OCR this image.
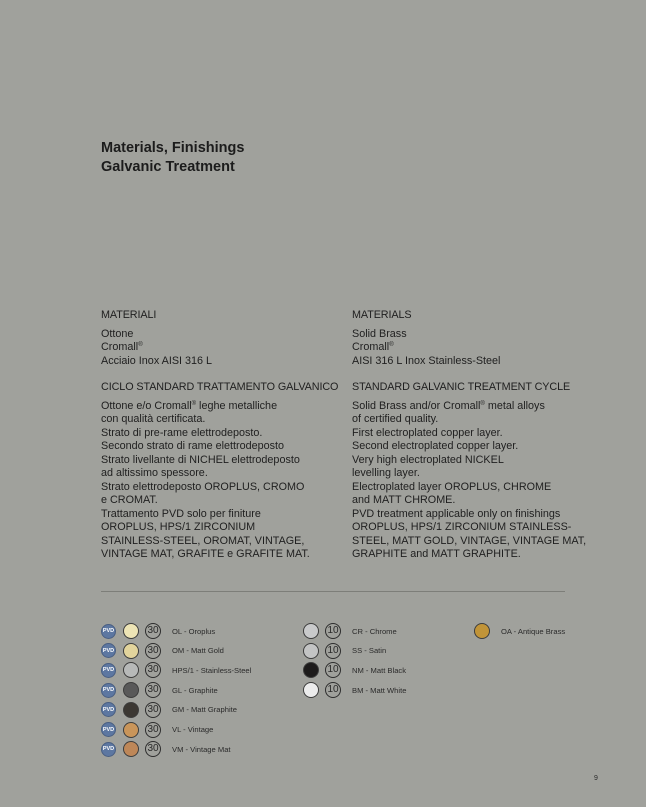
Materials, Finishings
Galvanic Treatment
MATERIALI
Ottone
Cromall®
Acciaio Inox AISI 316 L
CICLO STANDARD TRATTAMENTO GALVANICO
Ottone e/o Cromall® leghe metalliche
con qualità certificata.
Strato di pre-rame elettrodeposto.
Secondo strato di rame elettrodeposto
Strato livellante di NICHEL elettrodeposto
ad altissimo spessore.
Strato elettrodeposto OROPLUS, CROMO
e CROMAT.
Trattamento PVD solo per finiture
OROPLUS, HPS/1 ZIRCONIUM
STAINLESS-STEEL, OROMAT, VINTAGE,
VINTAGE MAT, GRAFITE e GRAFITE MAT.
MATERIALS
Solid Brass
Cromall®
AISI 316 L Inox Stainless-Steel
STANDARD GALVANIC TREATMENT CYCLE
Solid Brass and/or Cromall® metal alloys
of certified quality.
First electroplated copper layer.
Second electroplated copper layer.
Very high electroplated NICKEL
levelling layer.
Electroplated layer OROPLUS, CHROME
and MATT CHROME.
PVD treatment applicable only on finishings
OROPLUS, HPS/1 ZIRCONIUM STAINLESS-
STEEL, MATT GOLD, VINTAGE, VINTAGE MAT,
GRAPHITE and MATT GRAPHITE.
PVD	30	OL - Oroplus
PVD	30	OM - Matt Gold
PVD	30	HPS/1 - Stainless-Steel
PVD	30	GL - Graphite
PVD	30	GM - Matt Graphite
PVD	30	VL - Vintage
PVD	30	VM - Vintage Mat
10	CR - Chrome
10	SS - Satin
10	NM - Matt Black
10	BM - Matt White
OA - Antique Brass
9
